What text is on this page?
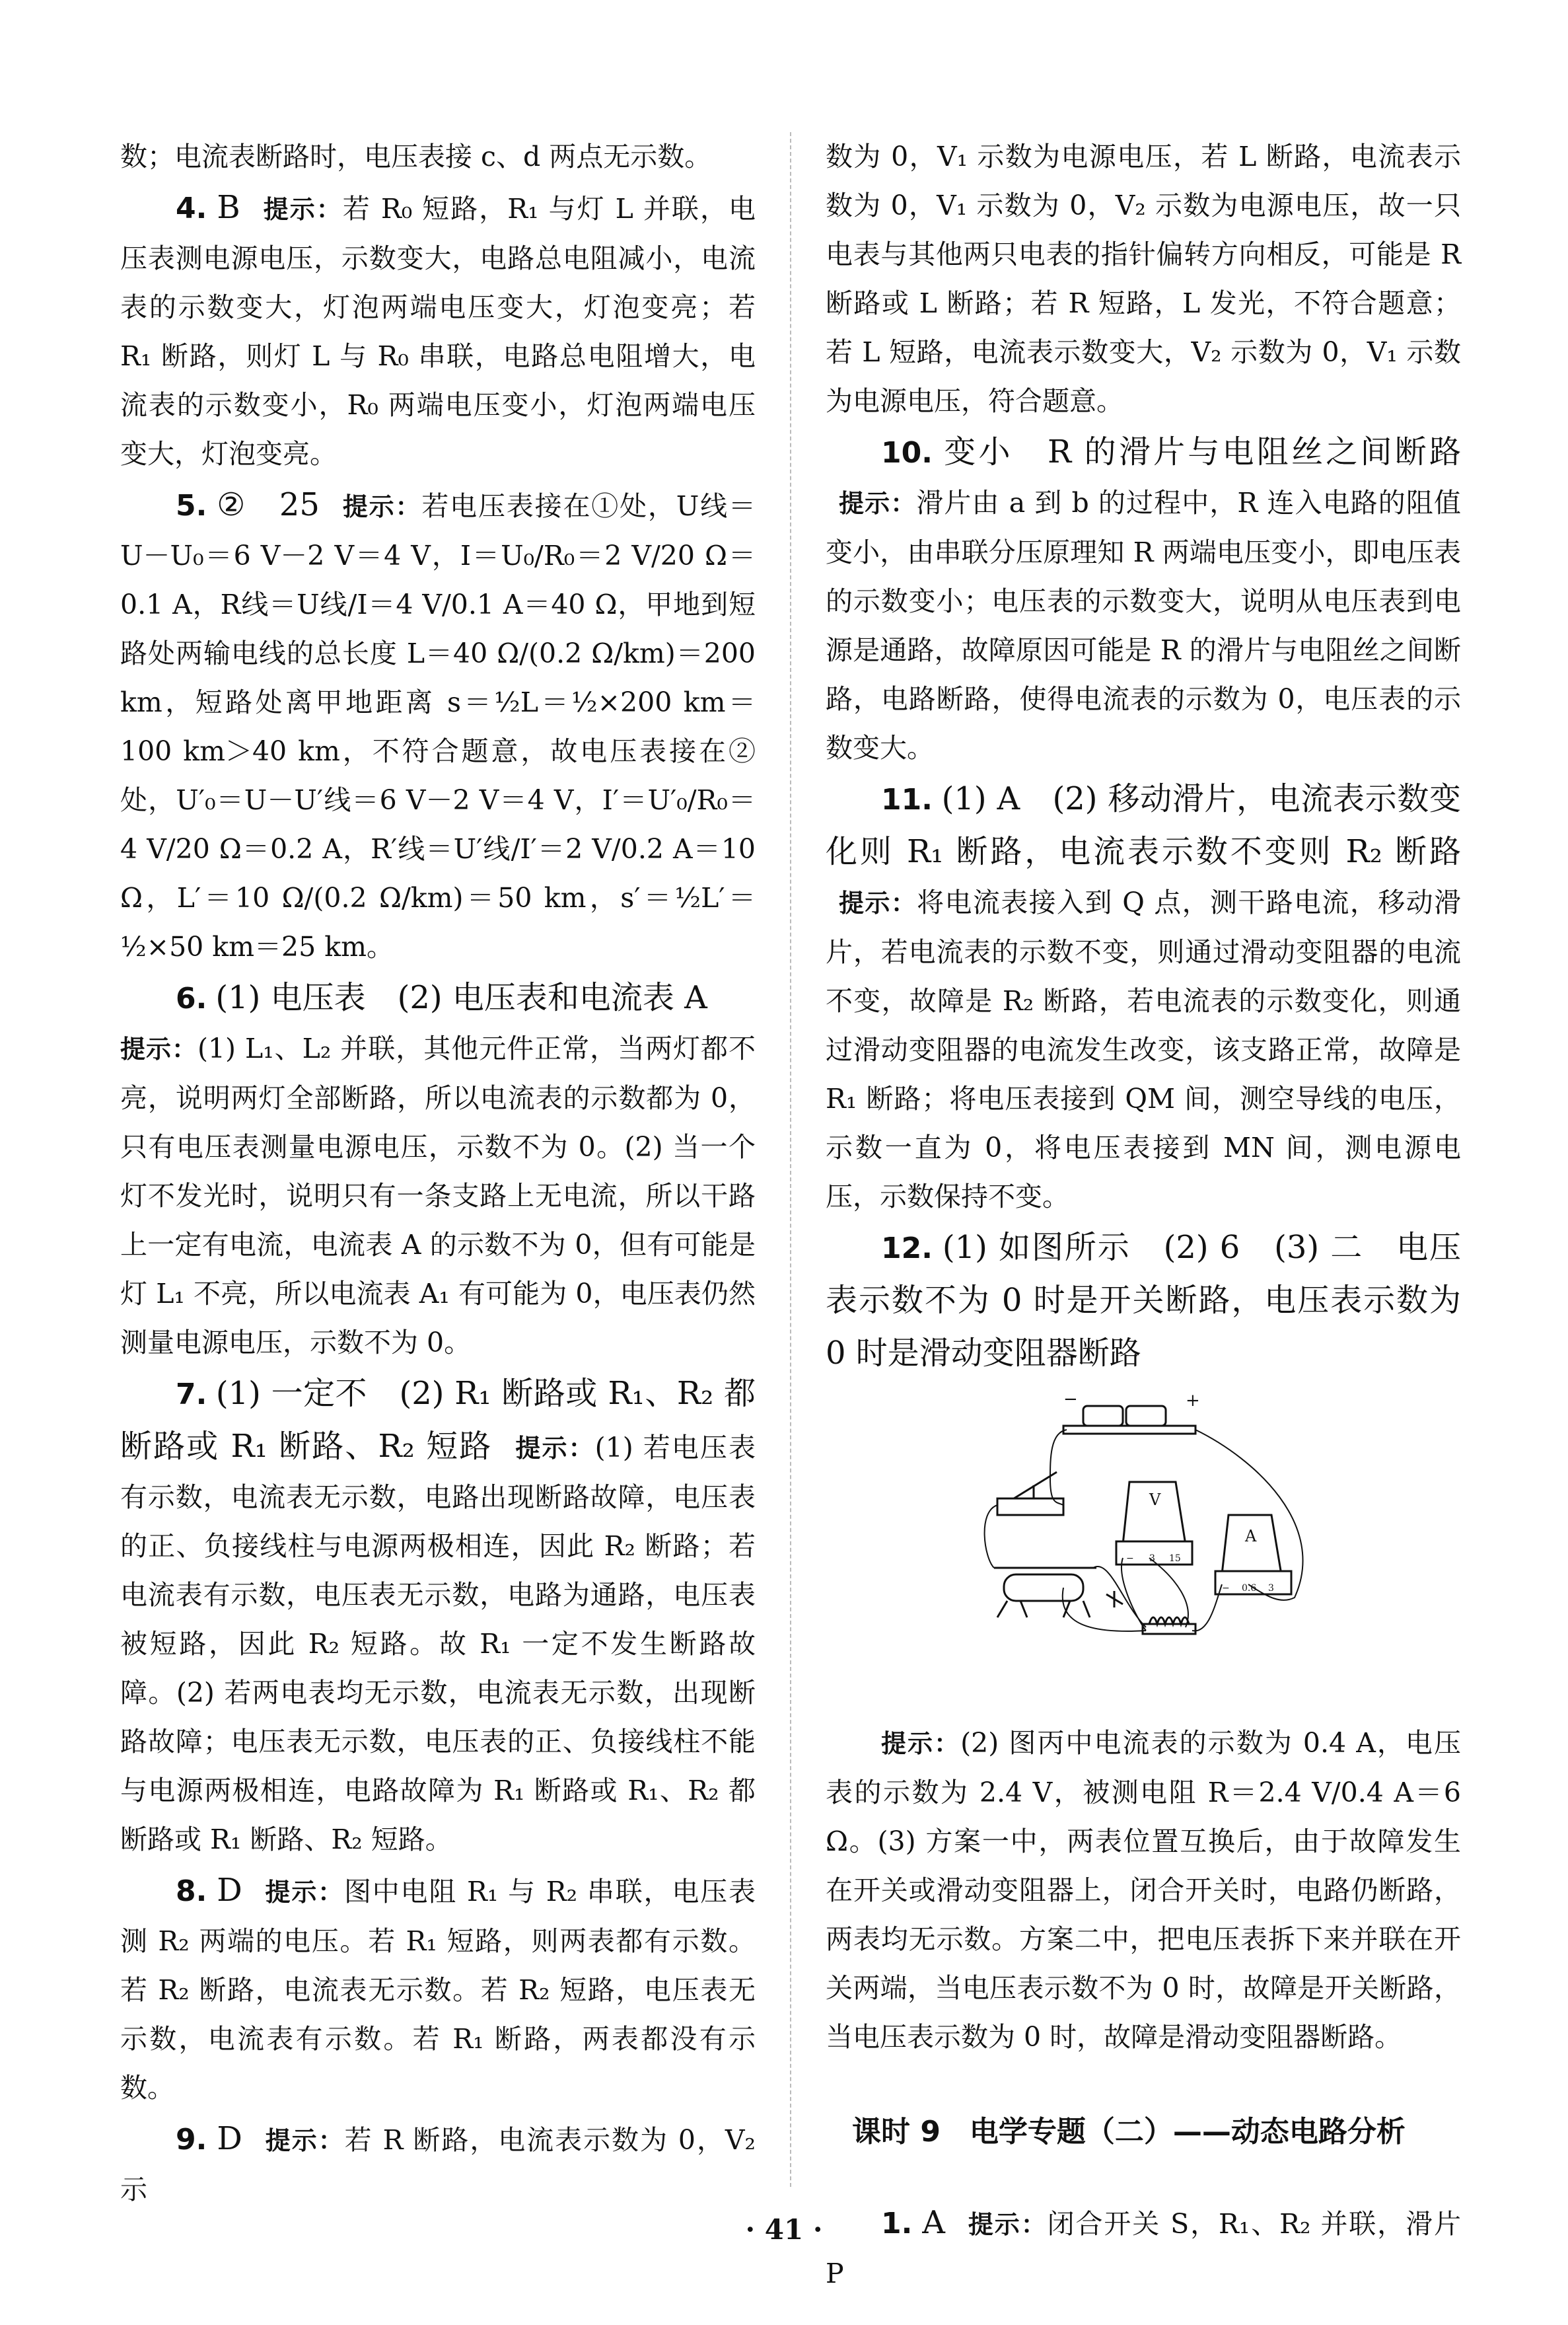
数；电流表断路时，电压表接 c、d 两点无示数。

4. B 提示：若 R₀ 短路，R₁ 与灯 L 并联，电压表测电源电压，示数变大，电路总电阻减小，电流表的示数变大，灯泡两端电压变大，灯泡变亮；若 R₁ 断路，则灯 L 与 R₀ 串联，电路总电阻增大，电流表的示数变小，R₀ 两端电压变小，灯泡两端电压变大，灯泡变亮。

5. ②　25 提示：若电压表接在①处，U线＝U－U₀＝6 V－2 V＝4 V，I＝U₀/R₀＝2 V/20 Ω＝0.1 A，R线＝U线/I＝4 V/0.1 A＝40 Ω，甲地到短路处两输电线的总长度 L＝40 Ω/(0.2 Ω/km)＝200 km，短路处离甲地距离 s＝½L＝½×200 km＝100 km＞40 km，不符合题意，故电压表接在②处，U′₀＝U－U′线＝6 V－2 V＝4 V，I′＝U′₀/R₀＝4 V/20 Ω＝0.2 A，R′线＝U′线/I′＝2 V/0.2 A＝10 Ω，L′＝10 Ω/(0.2 Ω/km)＝50 km，s′＝½L′＝½×50 km＝25 km。

6. (1) 电压表　(2) 电压表和电流表 A
提示：(1) L₁、L₂ 并联，其他元件正常，当两灯都不亮，说明两灯全部断路，所以电流表的示数都为 0，只有电压表测量电源电压，示数不为 0。(2) 当一个灯不发光时，说明只有一条支路上无电流，所以干路上一定有电流，电流表 A 的示数不为 0，但有可能是灯 L₁ 不亮，所以电流表 A₁ 有可能为 0，电压表仍然测量电源电压，示数不为 0。

7. (1) 一定不　(2) R₁ 断路或 R₁、R₂ 都断路或 R₁ 断路、R₂ 短路 提示：(1) 若电压表有示数，电流表无示数，电路出现断路故障，电压表的正、负接线柱与电源两极相连，因此 R₂ 断路；若电流表有示数，电压表无示数，电路为通路，电压表被短路，因此 R₂ 短路。故 R₁ 一定不发生断路故障。(2) 若两电表均无示数，电流表无示数，出现断路故障；电压表无示数，电压表的正、负接线柱不能与电源两极相连，电路故障为 R₁ 断路或 R₁、R₂ 都断路或 R₁ 断路、R₂ 短路。

8. D 提示：图中电阻 R₁ 与 R₂ 串联，电压表测 R₂ 两端的电压。若 R₁ 短路，则两表都有示数。若 R₂ 断路，电流表无示数。若 R₂ 短路，电压表无示数，电流表有示数。若 R₁ 断路，两表都没有示数。

9. D 提示：若 R 断路，电流表示数为 0，V₂ 示

数为 0，V₁ 示数为电源电压，若 L 断路，电流表示数为 0，V₁ 示数为 0，V₂ 示数为电源电压，故一只电表与其他两只电表的指针偏转方向相反，可能是 R 断路或 L 断路；若 R 短路，L 发光，不符合题意；若 L 短路，电流表示数变大，V₂ 示数为 0，V₁ 示数为电源电压，符合题意。

10. 变小　R 的滑片与电阻丝之间断路 提示：滑片由 a 到 b 的过程中，R 连入电路的阻值变小，由串联分压原理知 R 两端电压变小，即电压表的示数变小；电压表的示数变大，说明从电压表到电源是通路，故障原因可能是 R 的滑片与电阻丝之间断路，电路断路，使得电流表的示数为 0，电压表的示数变大。

11. (1) A　(2) 移动滑片，电流表示数变化则 R₁ 断路，电流表示数不变则 R₂ 断路 提示：将电流表接入到 Q 点，测干路电流，移动滑片，若电流表的示数不变，则通过滑动变阻器的电流不变，故障是 R₂ 断路，若电流表的示数变化，则通过滑动变阻器的电流发生改变，该支路正常，故障是 R₁ 断路；将电压表接到 QM 间，测空导线的电压，示数一直为 0，将电压表接到 MN 间，测电源电压，示数保持不变。

12. (1) 如图所示　(2) 6　(3) 二　电压表示数不为 0 时是开关断路，电压表示数为 0 时是滑动变阻器断路

−	+
V
− 3 15
A
− 0.6 3

提示：(2) 图丙中电流表的示数为 0.4 A，电压表的示数为 2.4 V，被测电阻 R＝2.4 V/0.4 A＝6 Ω。(3) 方案一中，两表位置互换后，由于故障发生在开关或滑动变阻器上，闭合开关时，电路仍断路，两表均无示数。方案二中，把电压表拆下来并联在开关两端，当电压表示数不为 0 时，故障是开关断路，当电压表示数为 0 时，故障是滑动变阻器断路。

课时 9　电学专题（二）——动态电路分析

1. A 提示：闭合开关 S，R₁、R₂ 并联，滑片 P

· 41 ·
